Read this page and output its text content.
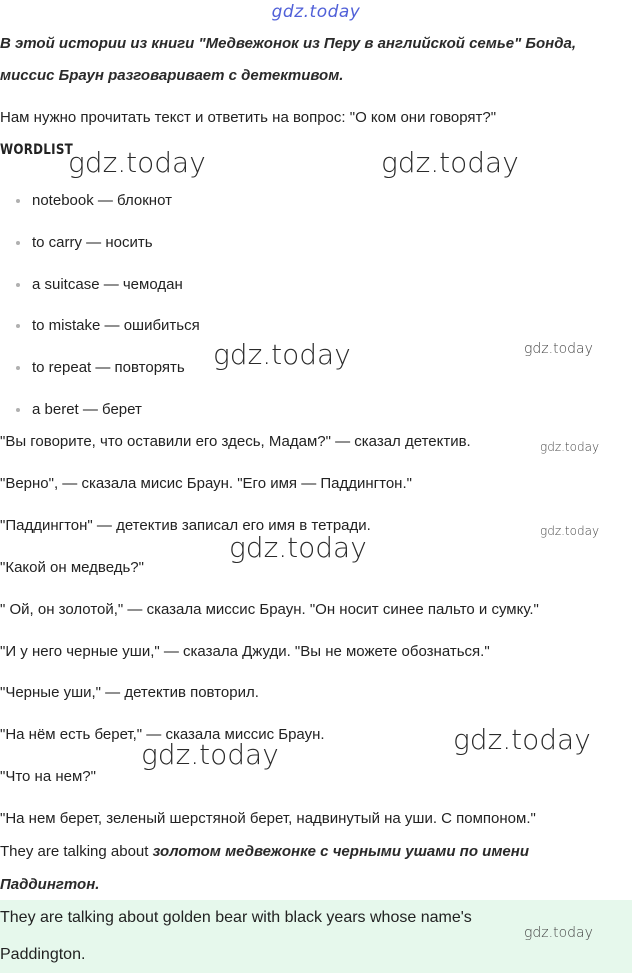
gdz.today
В этой истории из книги "Медвежонок из Перу в английской семье" Бонда,
миссис Браун разговаривает с детективом.
Нам нужно прочитать текст и ответить на вопрос: "О ком они говорят?"
WORDLIST
notebook — блокнот
to carry — носить
a suitcase — чемодан
to mistake — ошибиться
to repeat — повторять
a beret — берет
"Вы говорите, что оставили его здесь, Мадам?" — сказал детектив.
"Верно", — сказала мисис Браун. "Его имя — Паддингтон."
"Паддингтон" — детектив записал его имя в тетради.
"Какой он медведь?"
" Ой, он золотой," — сказала миссис Браун. "Он носит синее пальто и сумку."
"И у него черные уши," — сказала Джуди. "Вы не можете обознаться."
"Черные уши," — детектив повторил.
"На нём есть берет," — сказала миссис Браун.
"Что на нем?"
"На нем берет, зеленый шерстяной берет, надвинутый на уши. С помпоном."
They are talking about золотом медвежонке с черными ушами по имени
Паддингтон.
They are talking about golden bear with black years whose name's
Paddington.
gdz.today	gdz.today
gdz.today	gdz.today
gdz.today
gdz.today
gdz.today
gdz.today
gdz.today
gdz.today
